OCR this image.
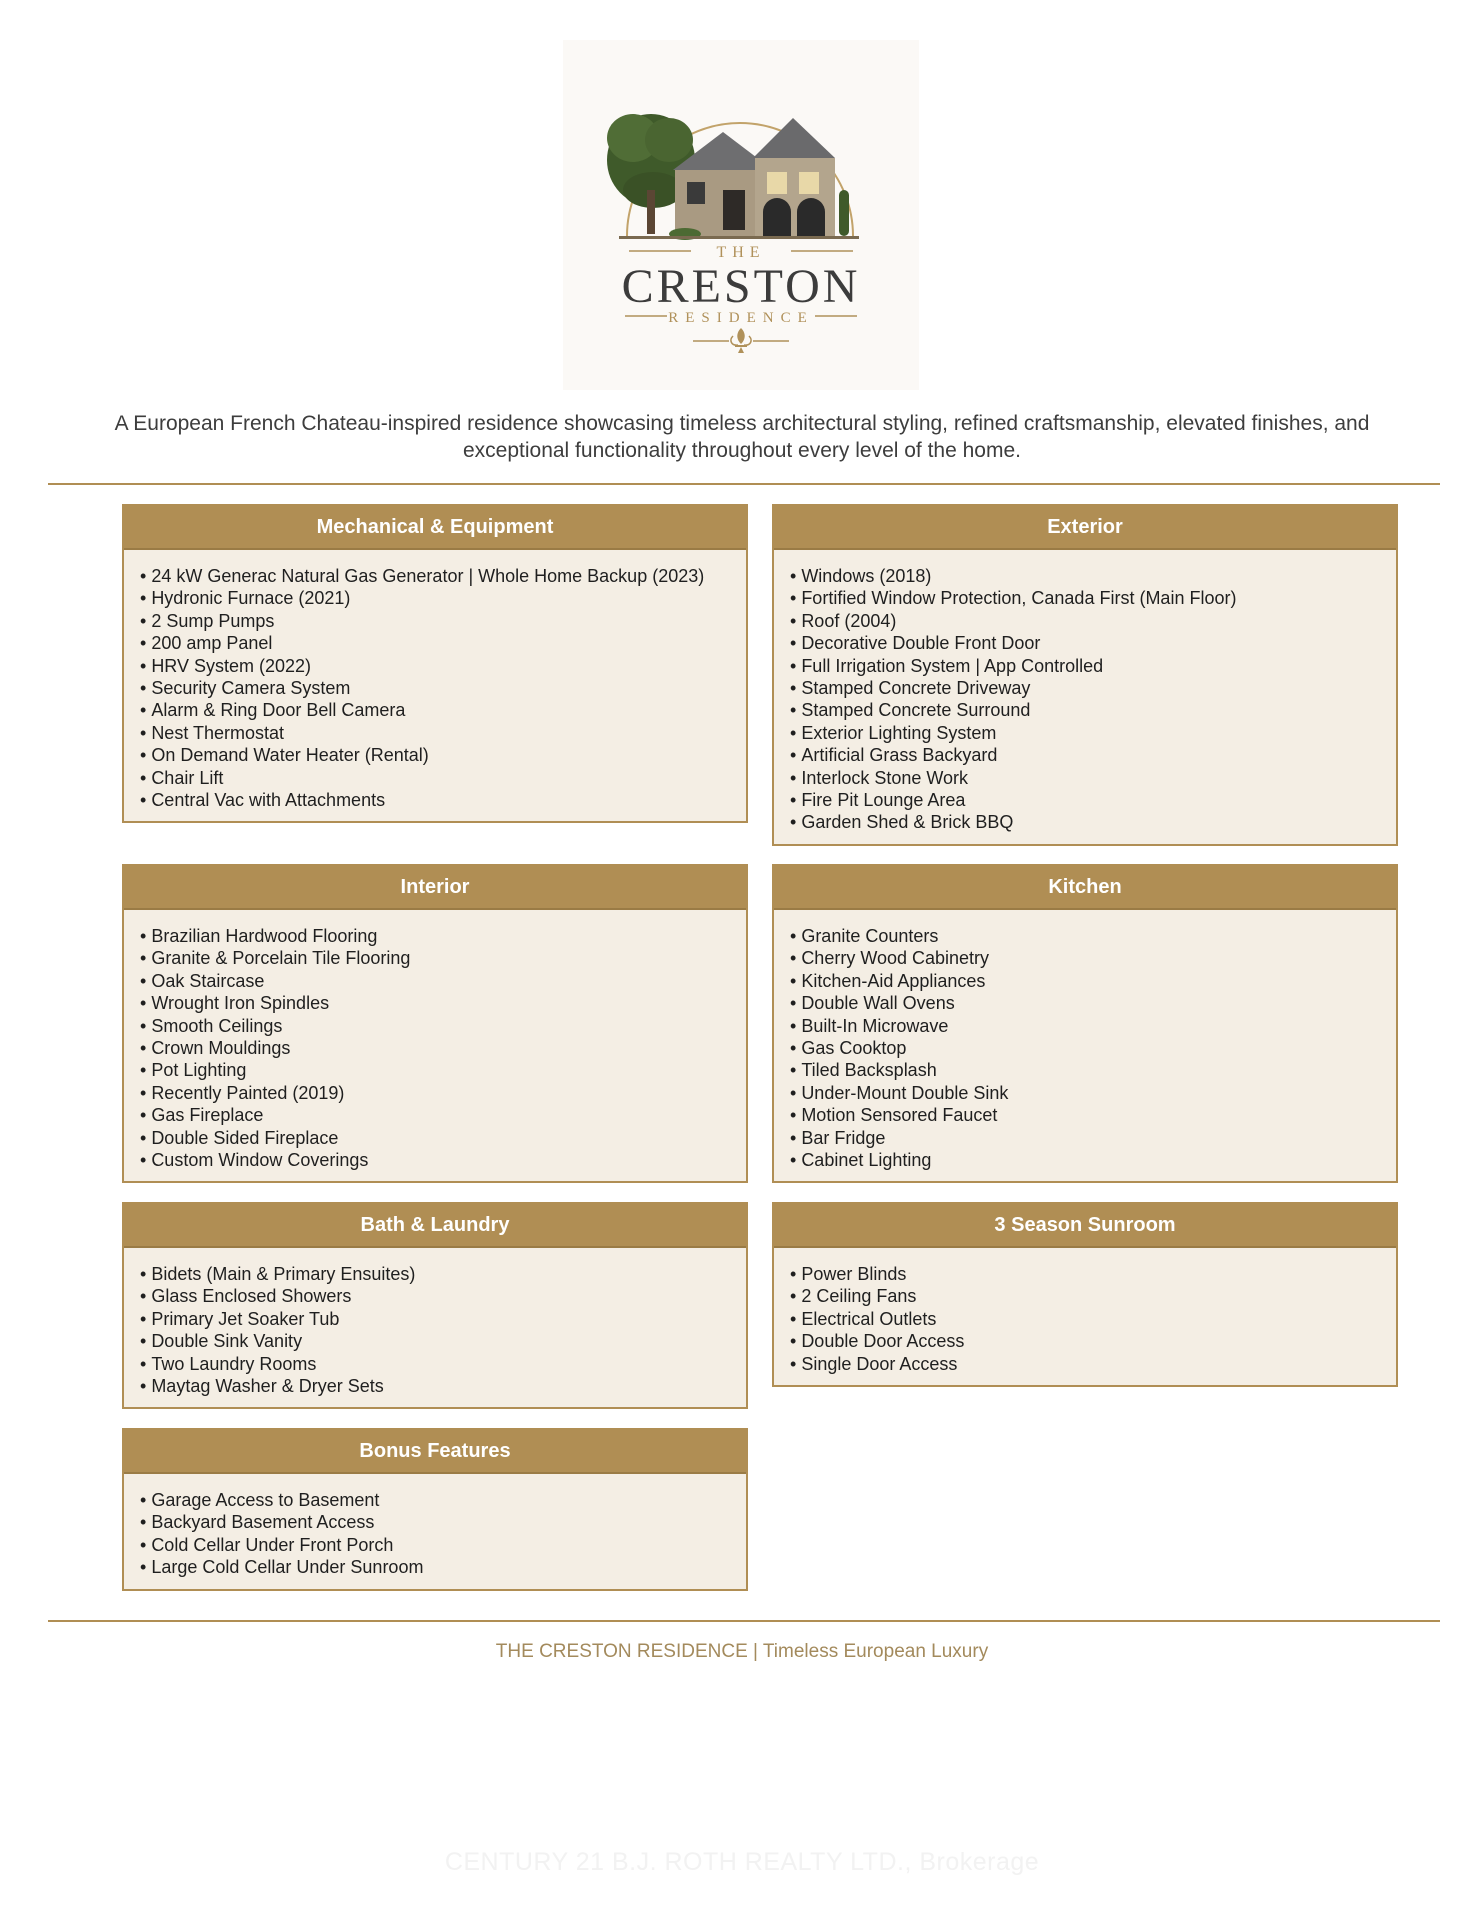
THE
CRESTON
RESIDENCE
A European French Chateau-inspired residence showcasing timeless architectural styling, refined craftsmanship, elevated finishes, and exceptional functionality throughout every level of the home.
Mechanical & Equipment
• 24 kW Generac Natural Gas Generator | Whole Home Backup (2023)
• Hydronic Furnace (2021)
• 2 Sump Pumps
• 200 amp Panel
• HRV System (2022)
• Security Camera System
• Alarm & Ring Door Bell Camera
• Nest Thermostat
• On Demand Water Heater (Rental)
• Chair Lift
• Central Vac with Attachments
Exterior
• Windows (2018)
• Fortified Window Protection, Canada First (Main Floor)
• Roof (2004)
• Decorative Double Front Door
• Full Irrigation System | App Controlled
• Stamped Concrete Driveway
• Stamped Concrete Surround
• Exterior Lighting System
• Artificial Grass Backyard
• Interlock Stone Work
• Fire Pit Lounge Area
• Garden Shed & Brick BBQ
Interior
• Brazilian Hardwood Flooring
• Granite & Porcelain Tile Flooring
• Oak Staircase
• Wrought Iron Spindles
• Smooth Ceilings
• Crown Mouldings
• Pot Lighting
• Recently Painted (2019)
• Gas Fireplace
• Double Sided Fireplace
• Custom Window Coverings
Kitchen
• Granite Counters
• Cherry Wood Cabinetry
• Kitchen-Aid Appliances
• Double Wall Ovens
• Built-In Microwave
• Gas Cooktop
• Tiled Backsplash
• Under-Mount Double Sink
• Motion Sensored Faucet
• Bar Fridge
• Cabinet Lighting
Bath & Laundry
• Bidets (Main & Primary Ensuites)
• Glass Enclosed Showers
• Primary Jet Soaker Tub
• Double Sink Vanity
• Two Laundry Rooms
• Maytag Washer & Dryer Sets
3 Season Sunroom
• Power Blinds
• 2 Ceiling Fans
• Electrical Outlets
• Double Door Access
• Single Door Access
Bonus Features
• Garage Access to Basement
• Backyard Basement Access
• Cold Cellar Under Front Porch
• Large Cold Cellar Under Sunroom
THE CRESTON RESIDENCE | Timeless European Luxury
CENTURY 21 B.J. ROTH REALTY LTD., Brokerage
